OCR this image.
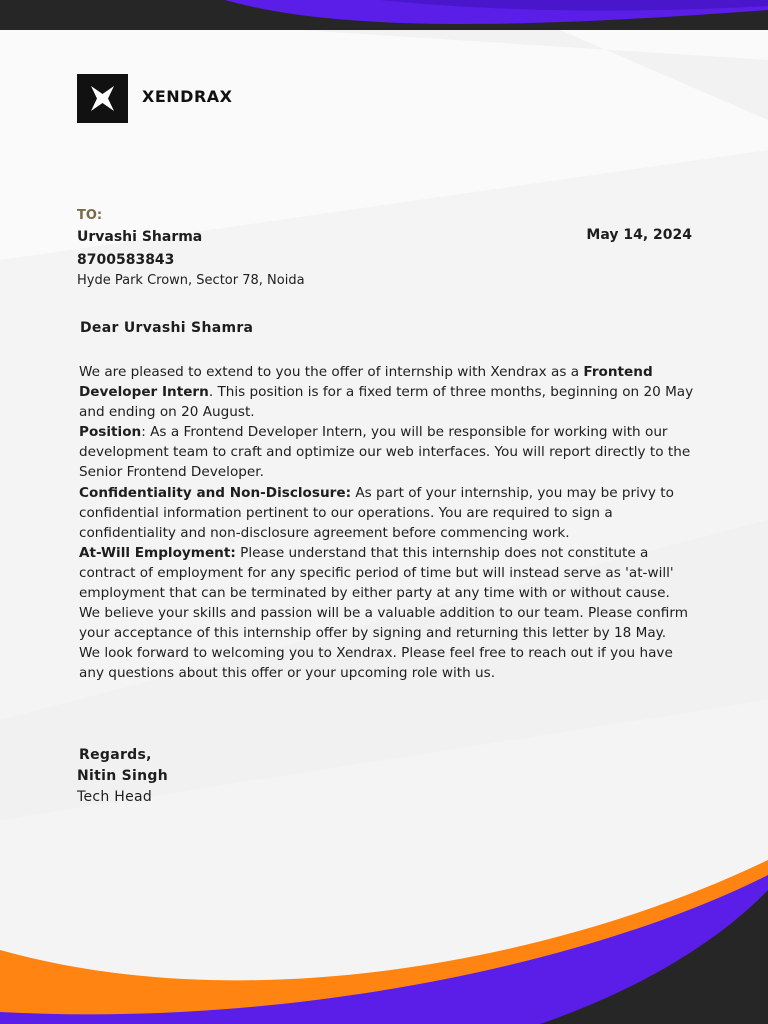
XENDRAX
TO:
Urvashi Sharma
8700583843
Hyde Park Crown, Sector 78, Noida
May 14, 2024
Dear Urvashi Shamra

We are pleased to extend to you the offer of internship with Xendrax as a Frontend Developer Intern. This position is for a fixed term of three months, beginning on 20 May and ending on 20 August.

Position: As a Frontend Developer Intern, you will be responsible for working with our development team to craft and optimize our web interfaces. You will report directly to the Senior Frontend Developer.

Confidentiality and Non-Disclosure: As part of your internship, you may be privy to confidential information pertinent to our operations. You are required to sign a confidentiality and non-disclosure agreement before commencing work.

At-Will Employment: Please understand that this internship does not constitute a contract of employment for any specific period of time but will instead serve as 'at-will' employment that can be terminated by either party at any time with or without cause.

We believe your skills and passion will be a valuable addition to our team. Please confirm your acceptance of this internship offer by signing and returning this letter by 18 May.

We look forward to welcoming you to Xendrax. Please feel free to reach out if you have any questions about this offer or your upcoming role with us.

Regards,
Nitin Singh
Tech Head
